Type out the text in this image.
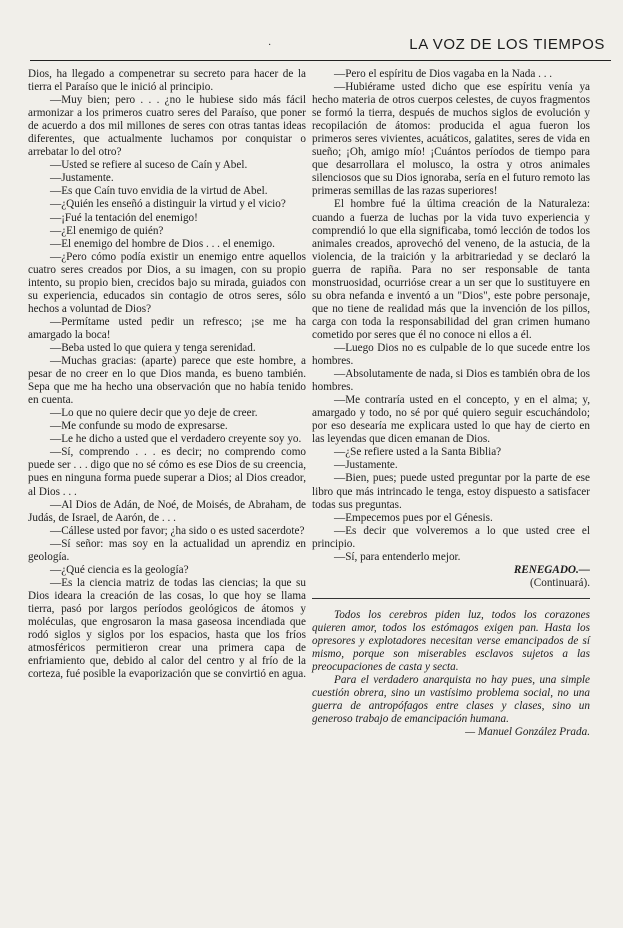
·	LA VOZ DE LOS TIEMPOS

Dios, ha llegado a compenetrar su secreto para hacer de la tierra el Paraíso que le inició al principio.

—Muy bien; pero . . . ¿no le hubiese sido más fácil armonizar a los primeros cuatro seres del Paraíso, que poner de acuerdo a dos mil millones de seres con otras tantas ideas diferentes, que actualmente luchamos por conquistar o arrebatar lo del otro?

—Usted se refiere al suceso de Caín y Abel.

—Justamente.

—Es que Caín tuvo envidia de la virtud de Abel.

—¿Quién les enseñó a distinguir la virtud y el vicio?

—¡Fué la tentación del enemigo!

—¿El enemigo de quién?

—El enemigo del hombre de Dios . . . el enemigo.

—¿Pero cómo podía existir un enemigo entre aquellos cuatro seres creados por Dios, a su imagen, con su propio intento, su propio bien, crecidos bajo su mirada, guiados con su experiencia, educados sin contagio de otros seres, sólo hechos a voluntad de Dios?

—Permítame usted pedir un refresco; ¡se me ha amargado la boca!

—Beba usted lo que quiera y tenga serenidad.

—Muchas gracias: (aparte) parece que este hombre, a pesar de no creer en lo que Dios manda, es bueno también. Sepa que me ha hecho una observación que no había tenido en cuenta.

—Lo que no quiere decir que yo deje de creer.

—Me confunde su modo de expresarse.

—Le he dicho a usted que el verdadero creyente soy yo.

—Sí, comprendo . . . es decir; no comprendo como puede ser . . . digo que no sé cómo es ese Dios de su creencia, pues en ninguna forma puede superar a Dios; al Dios creador, al Dios . . .

—Al Dios de Adán, de Noé, de Moisés, de Abraham, de Judás, de Israel, de Aarón, de . . .

—Cállese usted por favor; ¿ha sido o es usted sacerdote?

—Sí señor: mas soy en la actualidad un aprendiz en geología.

—¿Qué ciencia es la geología?

—Es la ciencia matriz de todas las ciencias; la que su Dios ideara la creación de las cosas, lo que hoy se llama tierra, pasó por largos períodos geológicos de átomos y moléculas, que engrosaron la masa gaseosa incendiada que rodó siglos y siglos por los espacios, hasta que los fríos atmosféricos permitieron crear una primera capa de enfriamiento que, debido al calor del centro y al frío de la corteza, fué posible la evaporización que se convirtió en agua.

—Pero el espíritu de Dios vagaba en la Nada . . .

—Hubiérame usted dicho que ese espíritu venía ya hecho materia de otros cuerpos celestes, de cuyos fragmentos se formó la tierra, después de muchos siglos de evolución y recopilación de átomos: producida el agua fueron los primeros seres vivientes, acuáticos, galatites, seres de vida en sueño; ¡Oh, amigo mío! ¡Cuántos períodos de tiempo para que desarrollara el molusco, la ostra y otros animales silenciosos que su Dios ignoraba, sería en el futuro remoto las primeras semillas de las razas superiores!

El hombre fué la última creación de la Naturaleza: cuando a fuerza de luchas por la vida tuvo experiencia y comprendió lo que ella significaba, tomó lección de todos los animales creados, aprovechó del veneno, de la astucia, de la violencia, de la traición y la arbitrariedad y se declaró la guerra de rapiña. Para no ser responsable de tanta monstruosidad, ocurrióse crear a un ser que lo sustituyere en su obra nefanda e inventó a un "Dios", este pobre personaje, que no tiene de realidad más que la invención de los pillos, carga con toda la responsabilidad del gran crimen humano cometido por seres que él no conoce ni ellos a él.

—Luego Dios no es culpable de lo que sucede entre los hombres.

—Absolutamente de nada, si Dios es también obra de los hombres.

—Me contraría usted en el concepto, y en el alma; y, amargado y todo, no sé por qué quiero seguir escuchándolo; por eso desearía me explicara usted lo que hay de cierto en las leyendas que dicen emanan de Dios.

—¿Se refiere usted a la Santa Biblia?

—Justamente.

—Bien, pues; puede usted preguntar por la parte de ese libro que más intrincado le tenga, estoy dispuesto a satisfacer todas sus preguntas.

—Empecemos pues por el Génesis.

—Es decir que volveremos a lo que usted cree el principio.

—Sí, para entenderlo mejor.

RENEGADO.—

(Continuará).

Todos los cerebros piden luz, todos los corazones quieren amor, todos los estómagos exigen pan. Hasta los opresores y explotadores necesitan verse emancipados de sí mismo, porque son miserables esclavos sujetos a las preocupaciones de casta y secta.

Para el verdadero anarquista no hay pues, una simple cuestión obrera, sino un vastísimo problema social, no una guerra de antropófagos entre clases y clases, sino un generoso trabajo de emancipación humana.

— Manuel González Prada.
